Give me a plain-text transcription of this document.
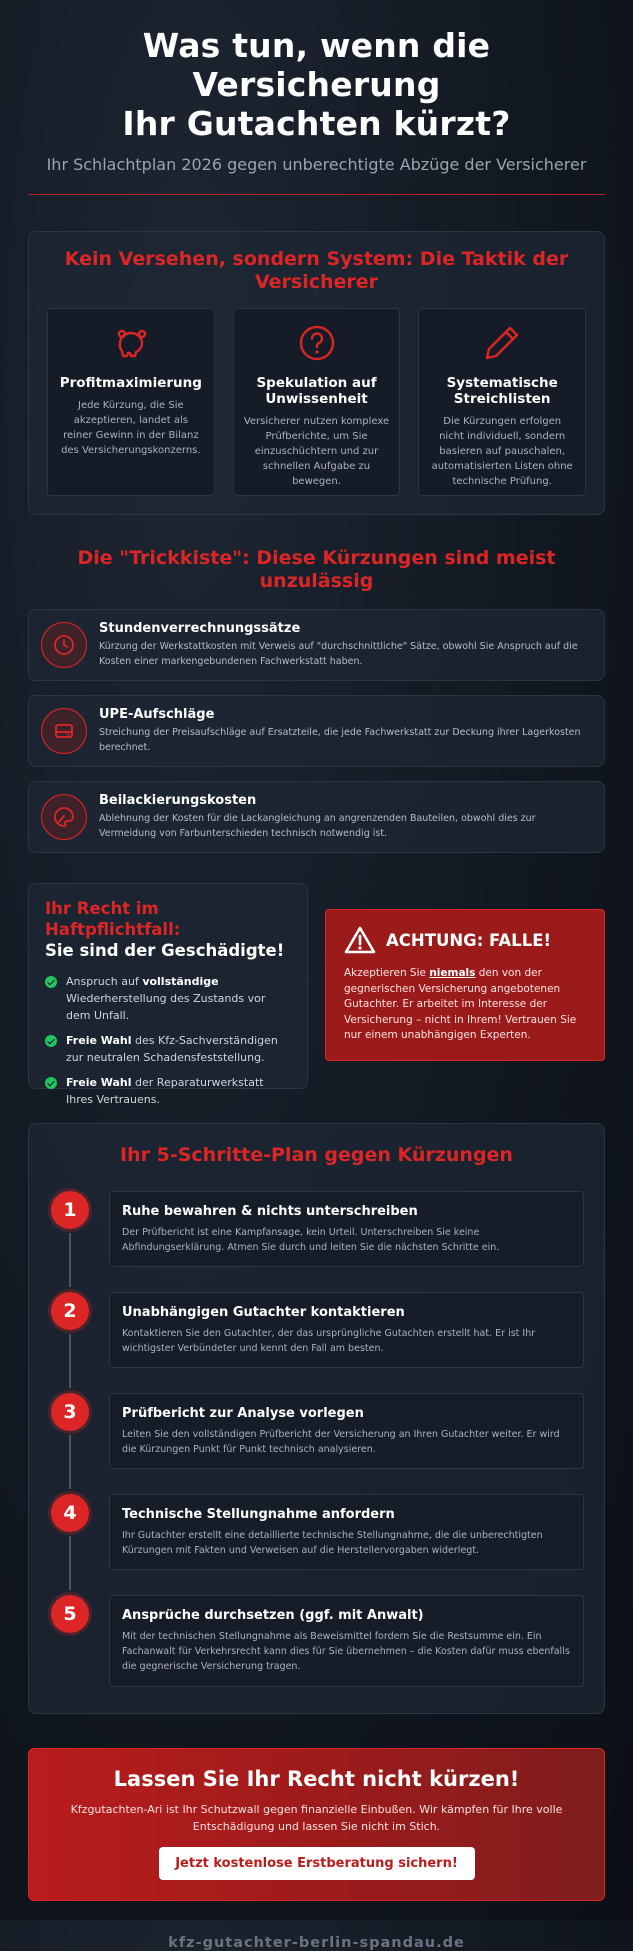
Was tun, wenn die Versicherung
Ihr Gutachten kürzt?
Ihr Schlachtplan 2026 gegen unberechtigte Abzüge der Versicherer
Kein Versehen, sondern System: Die Taktik der Versicherer
Profitmaximierung

Jede Kürzung, die Sie akzeptieren, landet als reiner Gewinn in der Bilanz des Versicherungskonzerns.

Spekulation auf Unwissenheit

Versicherer nutzen komplexe Prüfberichte, um Sie einzuschüchtern und zur schnellen Aufgabe zu bewegen.

Systematische Streichlisten

Die Kürzungen erfolgen nicht individuell, sondern basieren auf pauschalen, automatisierten Listen ohne technische Prüfung.

Die "Trickkiste": Diese Kürzungen sind meist unzulässig
Stundenverrechnungssätze

Kürzung der Werkstattkosten mit Verweis auf "durchschnittliche" Sätze, obwohl Sie Anspruch auf die Kosten einer markengebundenen Fachwerkstatt haben.

UPE-Aufschläge

Streichung der Preisaufschläge auf Ersatzteile, die jede Fachwerkstatt zur Deckung ihrer Lagerkosten berechnet.

Beilackierungskosten

Ablehnung der Kosten für die Lackangleichung an angrenzenden Bauteilen, obwohl dies zur Vermeidung von Farbunterschieden technisch notwendig ist.

Ihr Recht im Haftpflichtfall:
Sie sind der Geschädigte!
Anspruch auf vollständige Wiederherstellung des Zustands vor dem Unfall.
Freie Wahl des Kfz-Sachverständigen zur neutralen Schadensfeststellung.
Freie Wahl der Reparaturwerkstatt Ihres Vertrauens.
ACHTUNG: FALLE!

Akzeptieren Sie niemals den von der gegnerischen Versicherung angebotenen Gutachter. Er arbeitet im Interesse der Versicherung – nicht in Ihrem! Vertrauen Sie nur einem unabhängigen Experten.

Ihr 5-Schritte-Plan gegen Kürzungen
1	Ruhe bewahren & nichts unterschreiben

Der Prüfbericht ist eine Kampfansage, kein Urteil. Unterschreiben Sie keine Abfindungserklärung. Atmen Sie durch und leiten Sie die nächsten Schritte ein.

2	Unabhängigen Gutachter kontaktieren

Kontaktieren Sie den Gutachter, der das ursprüngliche Gutachten erstellt hat. Er ist Ihr wichtigster Verbündeter und kennt den Fall am besten.

3	Prüfbericht zur Analyse vorlegen

Leiten Sie den vollständigen Prüfbericht der Versicherung an Ihren Gutachter weiter. Er wird die Kürzungen Punkt für Punkt technisch analysieren.

4	Technische Stellungnahme anfordern

Ihr Gutachter erstellt eine detaillierte technische Stellungnahme, die die unberechtigten Kürzungen mit Fakten und Verweisen auf die Herstellervorgaben widerlegt.

5	Ansprüche durchsetzen (ggf. mit Anwalt)

Mit der technischen Stellungnahme als Beweismittel fordern Sie die Restsumme ein. Ein Fachanwalt für Verkehrsrecht kann dies für Sie übernehmen – die Kosten dafür muss ebenfalls die gegnerische Versicherung tragen.

Lassen Sie Ihr Recht nicht kürzen!

Kfzgutachten-Ari ist Ihr Schutzwall gegen finanzielle Einbußen. Wir kämpfen für Ihre volle Entschädigung und lassen Sie nicht im Stich.

Jetzt kostenlose Erstberatung sichern!
kfz-gutachter-berlin-spandau.de
